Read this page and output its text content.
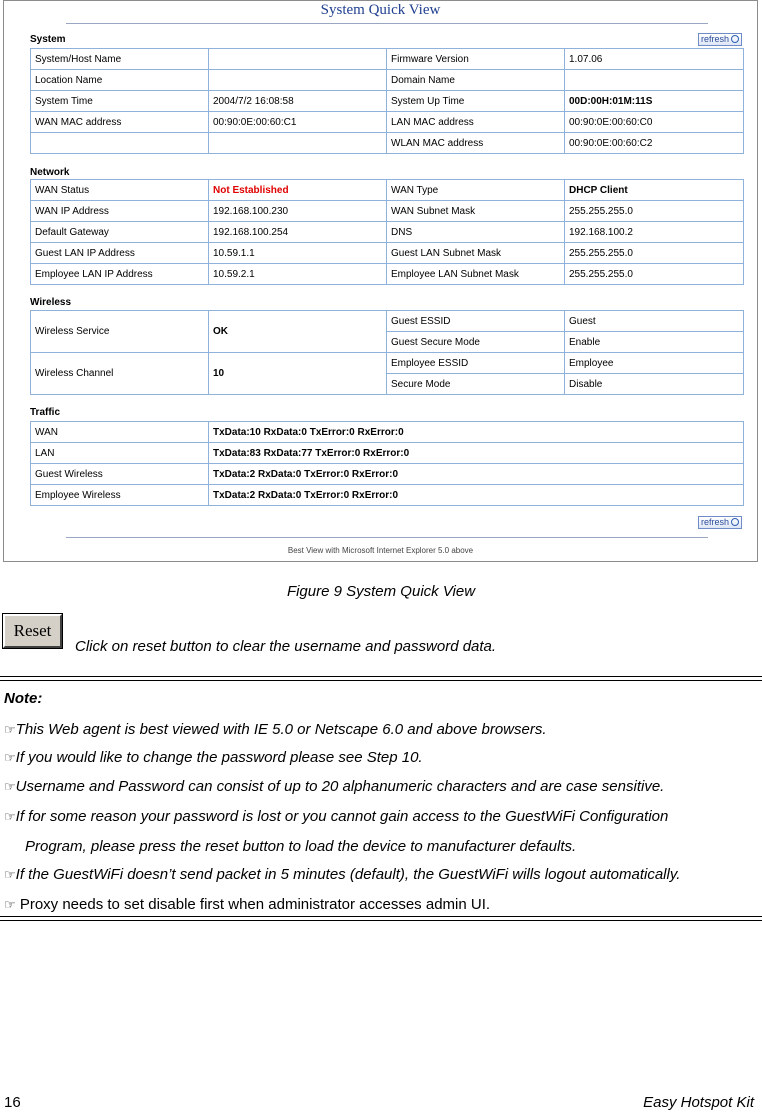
System Quick View
System	refresh
System/Host Name		Firmware Version	1.07.06
Location Name		Domain Name	
System Time	2004/7/2 16:08:58	System Up Time	00D:00H:01M:11S
WAN MAC address	00:90:0E:00:60:C1	LAN MAC address	00:90:0E:00:60:C0
		WLAN MAC address	00:90:0E:00:60:C2
Network
WAN Status	Not Established	WAN Type	DHCP Client
WAN IP Address	192.168.100.230	WAN Subnet Mask	255.255.255.0
Default Gateway	192.168.100.254	DNS	192.168.100.2
Guest LAN IP Address	10.59.1.1	Guest LAN Subnet Mask	255.255.255.0
Employee LAN IP Address	10.59.2.1	Employee LAN Subnet Mask	255.255.255.0
Wireless
Wireless Service	OK	Guest ESSID	Guest
		Guest Secure Mode	Enable
Wireless Channel	10	Employee ESSID	Employee
		Secure Mode	Disable
Traffic
WAN	TxData:10 RxData:0 TxError:0 RxError:0
LAN	TxData:83 RxData:77 TxError:0 RxError:0
Guest Wireless	TxData:2 RxData:0 TxError:0 RxError:0
Employee Wireless	TxData:2 RxData:0 TxError:0 RxError:0
refresh
Best View with Microsoft Internet Explorer 5.0 above
Figure 9 System Quick View
Reset
Click on reset button to clear the username and password data.
Note:
☞This Web agent is best viewed with IE 5.0 or Netscape 6.0 and above browsers.
☞If you would like to change the password please see Step 10.
☞Username and Password can consist of up to 20 alphanumeric characters and are case sensitive.
☞If for some reason your password is lost or you cannot gain access to the GuestWiFi Configuration
Program, please press the reset button to load the device to manufacturer defaults.
☞If the GuestWiFi doesn’t send packet in 5 minutes (default), the GuestWiFi wills logout automatically.
☞ Proxy needs to set disable first when administrator accesses admin UI.
16	Easy Hotspot Kit
